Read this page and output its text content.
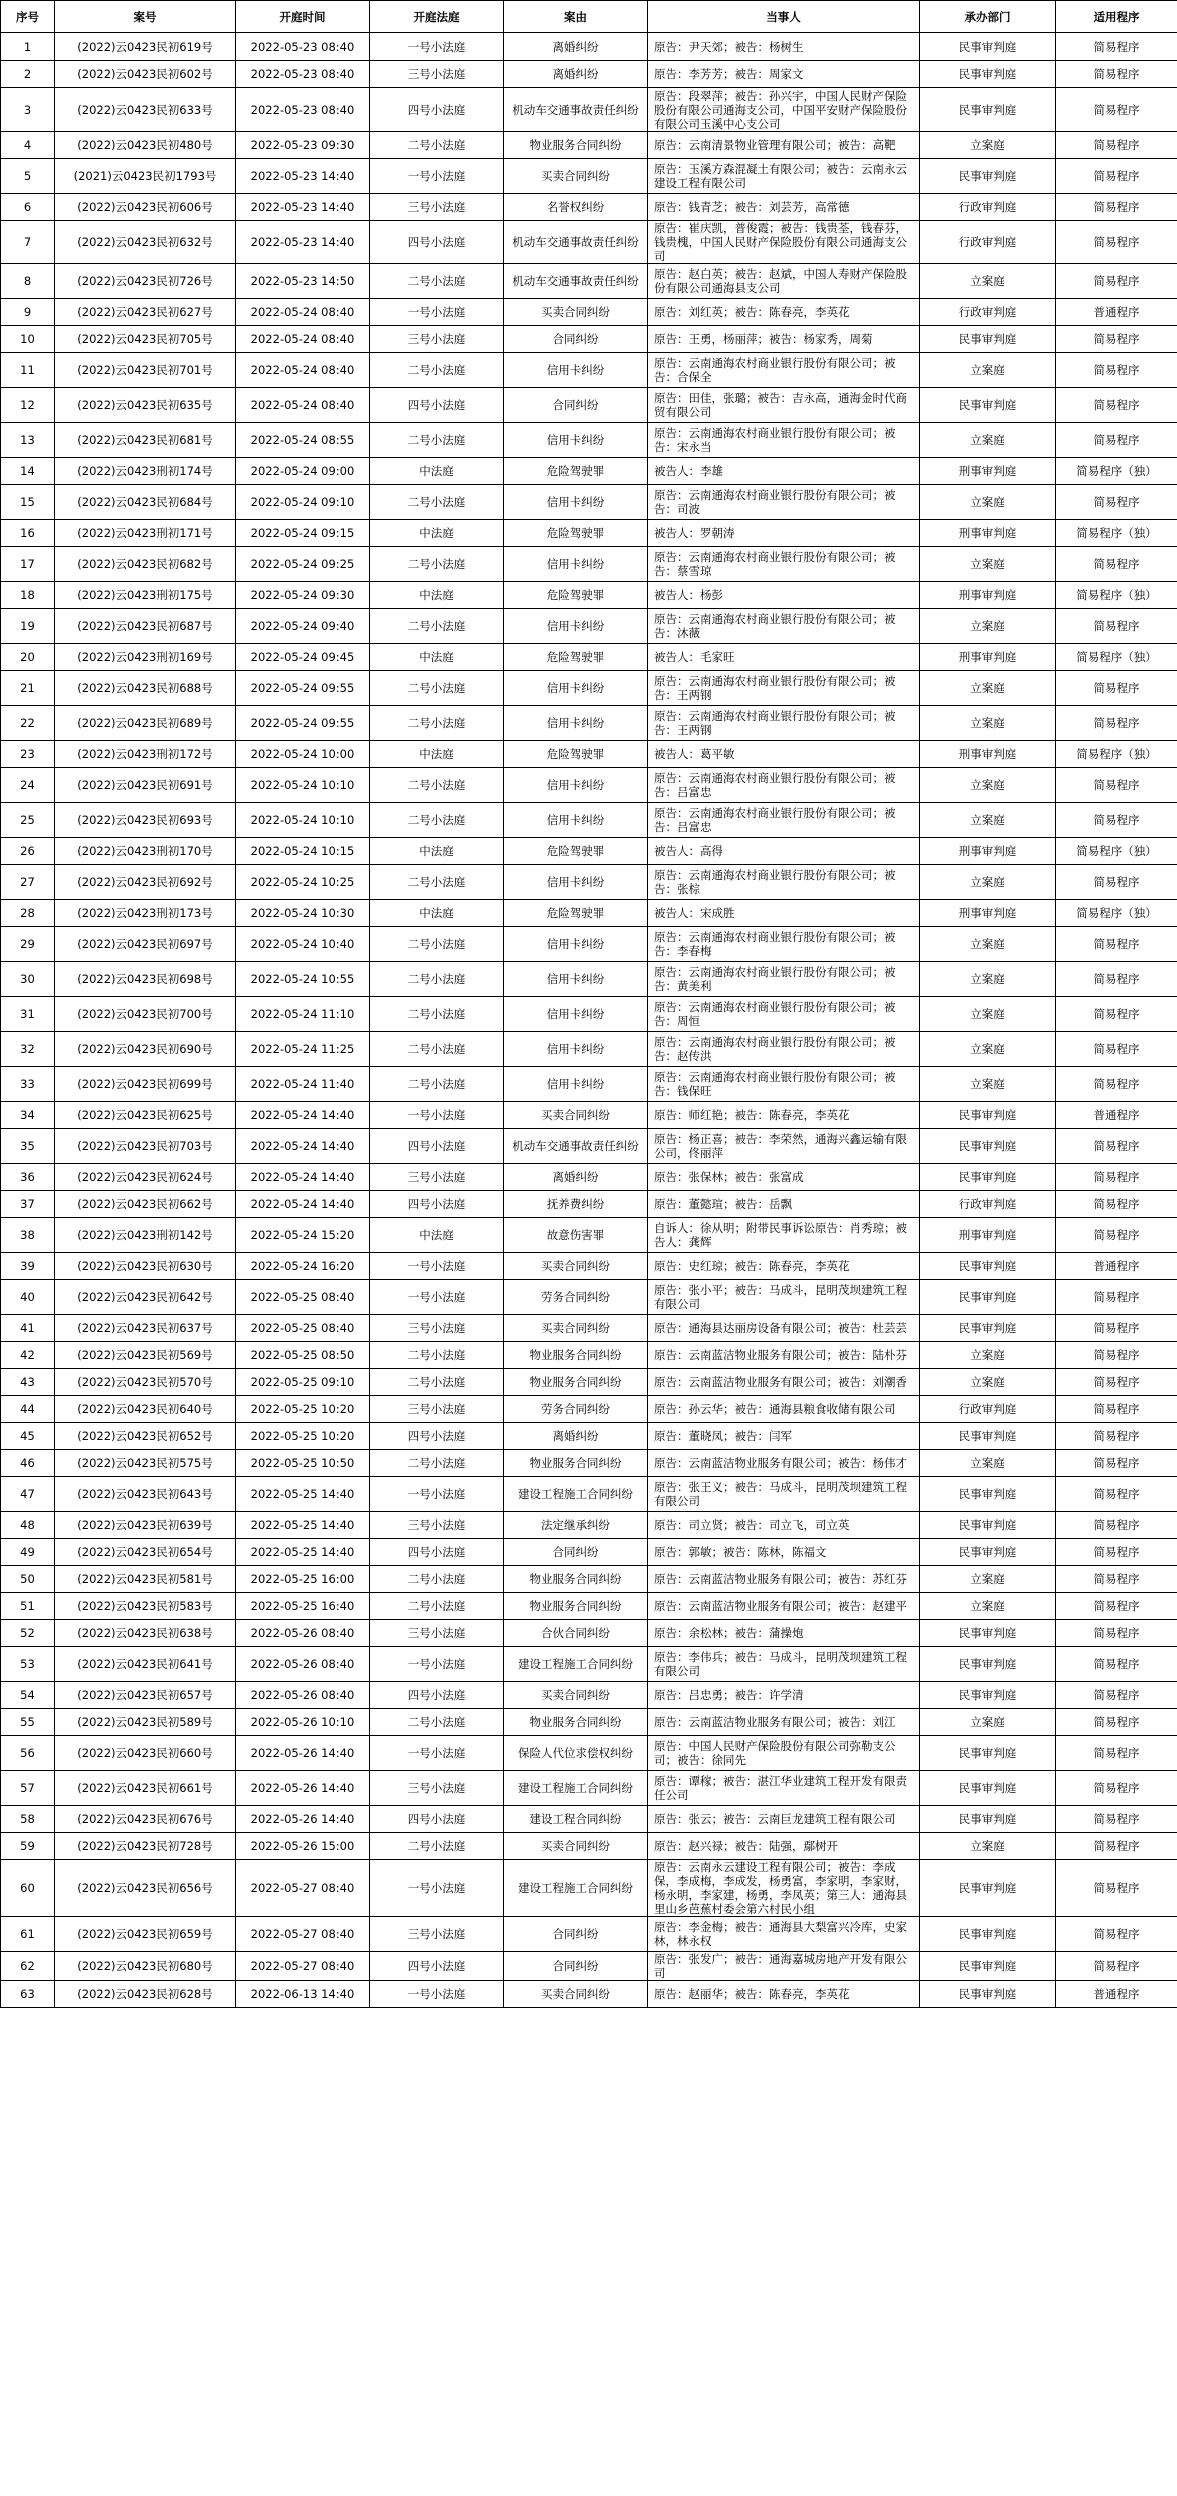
序号	案号	开庭时间	开庭法庭	案由	当事人	承办部门	适用程序
1	(2022)云0423民初619号	2022-05-23 08:40	一号小法庭	离婚纠纷	原告：尹天郊；被告：杨树生	民事审判庭	简易程序
2	(2022)云0423民初602号	2022-05-23 08:40	三号小法庭	离婚纠纷	原告：李芳芳；被告：周家文	民事审判庭	简易程序
3	(2022)云0423民初633号	2022-05-23 08:40	四号小法庭	机动车交通事故责任纠纷	原告：段翠萍；被告：孙兴宇，中国人民财产保险股份有限公司通海支公司，中国平安财产保险股份有限公司玉溪中心支公司	民事审判庭	简易程序
4	(2022)云0423民初480号	2022-05-23 09:30	二号小法庭	物业服务合同纠纷	原告：云南清景物业管理有限公司；被告：高靶	立案庭	简易程序
5	(2021)云0423民初1793号	2022-05-23 14:40	一号小法庭	买卖合同纠纷	原告：玉溪方森混凝土有限公司；被告：云南永云建设工程有限公司	民事审判庭	简易程序
6	(2022)云0423民初606号	2022-05-23 14:40	三号小法庭	名誉权纠纷	原告：钱青芝；被告：刘芸芳，高常德	行政审判庭	简易程序
7	(2022)云0423民初632号	2022-05-23 14:40	四号小法庭	机动车交通事故责任纠纷	原告：崔庆凯，普俊霞；被告：钱贵荃，钱春芬，钱贵槐，中国人民财产保险股份有限公司通海支公司	行政审判庭	简易程序
8	(2022)云0423民初726号	2022-05-23 14:50	二号小法庭	机动车交通事故责任纠纷	原告：赵白英；被告：赵斌，中国人寿财产保险股份有限公司通海县支公司	立案庭	简易程序
9	(2022)云0423民初627号	2022-05-24 08:40	一号小法庭	买卖合同纠纷	原告：刘红英；被告：陈春亮，李英花	行政审判庭	普通程序
10	(2022)云0423民初705号	2022-05-24 08:40	三号小法庭	合同纠纷	原告：王勇，杨丽萍；被告：杨家秀，周菊	民事审判庭	简易程序
11	(2022)云0423民初701号	2022-05-24 08:40	二号小法庭	信用卡纠纷	原告：云南通海农村商业银行股份有限公司；被告：合保全	立案庭	简易程序
12	(2022)云0423民初635号	2022-05-24 08:40	四号小法庭	合同纠纷	原告：田佳，张璐；被告：吉永高，通海金时代商贸有限公司	民事审判庭	简易程序
13	(2022)云0423民初681号	2022-05-24 08:55	二号小法庭	信用卡纠纷	原告：云南通海农村商业银行股份有限公司；被告：宋永当	立案庭	简易程序
14	(2022)云0423刑初174号	2022-05-24 09:00	中法庭	危险驾驶罪	被告人：李雄	刑事审判庭	简易程序（独）
15	(2022)云0423民初684号	2022-05-24 09:10	二号小法庭	信用卡纠纷	原告：云南通海农村商业银行股份有限公司；被告：司波	立案庭	简易程序
16	(2022)云0423刑初171号	2022-05-24 09:15	中法庭	危险驾驶罪	被告人：罗朝涛	刑事审判庭	简易程序（独）
17	(2022)云0423民初682号	2022-05-24 09:25	二号小法庭	信用卡纠纷	原告：云南通海农村商业银行股份有限公司；被告：蔡雪琼	立案庭	简易程序
18	(2022)云0423刑初175号	2022-05-24 09:30	中法庭	危险驾驶罪	被告人：杨彭	刑事审判庭	简易程序（独）
19	(2022)云0423民初687号	2022-05-24 09:40	二号小法庭	信用卡纠纷	原告：云南通海农村商业银行股份有限公司；被告：沐薇	立案庭	简易程序
20	(2022)云0423刑初169号	2022-05-24 09:45	中法庭	危险驾驶罪	被告人：毛家旺	刑事审判庭	简易程序（独）
21	(2022)云0423民初688号	2022-05-24 09:55	二号小法庭	信用卡纠纷	原告：云南通海农村商业银行股份有限公司；被告：王两钢	立案庭	简易程序
22	(2022)云0423民初689号	2022-05-24 09:55	二号小法庭	信用卡纠纷	原告：云南通海农村商业银行股份有限公司；被告：王两钢	立案庭	简易程序
23	(2022)云0423刑初172号	2022-05-24 10:00	中法庭	危险驾驶罪	被告人：葛平敏	刑事审判庭	简易程序（独）
24	(2022)云0423民初691号	2022-05-24 10:10	二号小法庭	信用卡纠纷	原告：云南通海农村商业银行股份有限公司；被告：吕富忠	立案庭	简易程序
25	(2022)云0423民初693号	2022-05-24 10:10	二号小法庭	信用卡纠纷	原告：云南通海农村商业银行股份有限公司；被告：吕富忠	立案庭	简易程序
26	(2022)云0423刑初170号	2022-05-24 10:15	中法庭	危险驾驶罪	被告人：高得	刑事审判庭	简易程序（独）
27	(2022)云0423民初692号	2022-05-24 10:25	二号小法庭	信用卡纠纷	原告：云南通海农村商业银行股份有限公司；被告：张棕	立案庭	简易程序
28	(2022)云0423刑初173号	2022-05-24 10:30	中法庭	危险驾驶罪	被告人：宋成胜	刑事审判庭	简易程序（独）
29	(2022)云0423民初697号	2022-05-24 10:40	二号小法庭	信用卡纠纷	原告：云南通海农村商业银行股份有限公司；被告：李春梅	立案庭	简易程序
30	(2022)云0423民初698号	2022-05-24 10:55	二号小法庭	信用卡纠纷	原告：云南通海农村商业银行股份有限公司；被告：黄美利	立案庭	简易程序
31	(2022)云0423民初700号	2022-05-24 11:10	二号小法庭	信用卡纠纷	原告：云南通海农村商业银行股份有限公司；被告：周恒	立案庭	简易程序
32	(2022)云0423民初690号	2022-05-24 11:25	二号小法庭	信用卡纠纷	原告：云南通海农村商业银行股份有限公司；被告：赵传洪	立案庭	简易程序
33	(2022)云0423民初699号	2022-05-24 11:40	二号小法庭	信用卡纠纷	原告：云南通海农村商业银行股份有限公司；被告：钱保旺	立案庭	简易程序
34	(2022)云0423民初625号	2022-05-24 14:40	一号小法庭	买卖合同纠纷	原告：师红艳；被告：陈春亮，李英花	民事审判庭	普通程序
35	(2022)云0423民初703号	2022-05-24 14:40	四号小法庭	机动车交通事故责任纠纷	原告：杨正喜；被告：李荣然，通海兴鑫运输有限公司，佟丽萍	民事审判庭	简易程序
36	(2022)云0423民初624号	2022-05-24 14:40	三号小法庭	离婚纠纷	原告：张保林；被告：张富成	民事审判庭	简易程序
37	(2022)云0423民初662号	2022-05-24 14:40	四号小法庭	抚养费纠纷	原告：董懿瑄；被告：岳飘	行政审判庭	简易程序
38	(2022)云0423刑初142号	2022-05-24 15:20	中法庭	故意伤害罪	自诉人：徐从明；附带民事诉讼原告：肖秀琼；被告人：龚辉	刑事审判庭	简易程序
39	(2022)云0423民初630号	2022-05-24 16:20	一号小法庭	买卖合同纠纷	原告：史红琼；被告：陈春亮，李英花	民事审判庭	普通程序
40	(2022)云0423民初642号	2022-05-25 08:40	一号小法庭	劳务合同纠纷	原告：张小平；被告：马成斗，昆明茂坝建筑工程有限公司	民事审判庭	简易程序
41	(2022)云0423民初637号	2022-05-25 08:40	三号小法庭	买卖合同纠纷	原告：通海县达丽房设备有限公司；被告：杜芸芸	民事审判庭	简易程序
42	(2022)云0423民初569号	2022-05-25 08:50	二号小法庭	物业服务合同纠纷	原告：云南蓝洁物业服务有限公司；被告：陆朴芬	立案庭	简易程序
43	(2022)云0423民初570号	2022-05-25 09:10	二号小法庭	物业服务合同纠纷	原告：云南蓝洁物业服务有限公司；被告：刘潮香	立案庭	简易程序
44	(2022)云0423民初640号	2022-05-25 10:20	三号小法庭	劳务合同纠纷	原告：孙云华；被告：通海县粮食收储有限公司	行政审判庭	简易程序
45	(2022)云0423民初652号	2022-05-25 10:20	四号小法庭	离婚纠纷	原告：董晓凤；被告：闫军	民事审判庭	简易程序
46	(2022)云0423民初575号	2022-05-25 10:50	二号小法庭	物业服务合同纠纷	原告：云南蓝洁物业服务有限公司；被告：杨伟才	立案庭	简易程序
47	(2022)云0423民初643号	2022-05-25 14:40	一号小法庭	建设工程施工合同纠纷	原告：张王义；被告：马成斗，昆明茂坝建筑工程有限公司	民事审判庭	简易程序
48	(2022)云0423民初639号	2022-05-25 14:40	三号小法庭	法定继承纠纷	原告：司立贤；被告：司立飞，司立英	民事审判庭	简易程序
49	(2022)云0423民初654号	2022-05-25 14:40	四号小法庭	合同纠纷	原告：郭敏；被告：陈林，陈福文	民事审判庭	简易程序
50	(2022)云0423民初581号	2022-05-25 16:00	二号小法庭	物业服务合同纠纷	原告：云南蓝洁物业服务有限公司；被告：苏红芬	立案庭	简易程序
51	(2022)云0423民初583号	2022-05-25 16:40	二号小法庭	物业服务合同纠纷	原告：云南蓝洁物业服务有限公司；被告：赵建平	立案庭	简易程序
52	(2022)云0423民初638号	2022-05-26 08:40	三号小法庭	合伙合同纠纷	原告：余松林；被告：蒲操炮	民事审判庭	简易程序
53	(2022)云0423民初641号	2022-05-26 08:40	一号小法庭	建设工程施工合同纠纷	原告：李伟兵；被告：马成斗，昆明茂坝建筑工程有限公司	民事审判庭	简易程序
54	(2022)云0423民初657号	2022-05-26 08:40	四号小法庭	买卖合同纠纷	原告：吕忠勇；被告：许学清	民事审判庭	简易程序
55	(2022)云0423民初589号	2022-05-26 10:10	二号小法庭	物业服务合同纠纷	原告：云南蓝洁物业服务有限公司；被告：刘江	立案庭	简易程序
56	(2022)云0423民初660号	2022-05-26 14:40	一号小法庭	保险人代位求偿权纠纷	原告：中国人民财产保险股份有限公司弥勒支公司；被告：徐同先	民事审判庭	简易程序
57	(2022)云0423民初661号	2022-05-26 14:40	三号小法庭	建设工程施工合同纠纷	原告：谭稼；被告：湛江华业建筑工程开发有限责任公司	民事审判庭	简易程序
58	(2022)云0423民初676号	2022-05-26 14:40	四号小法庭	建设工程合同纠纷	原告：张云；被告：云南巨龙建筑工程有限公司	民事审判庭	简易程序
59	(2022)云0423民初728号	2022-05-26 15:00	二号小法庭	买卖合同纠纷	原告：赵兴禄；被告：陆强，鄢树开	立案庭	简易程序
60	(2022)云0423民初656号	2022-05-27 08:40	一号小法庭	建设工程施工合同纠纷	原告：云南永云建设工程有限公司；被告：李成保，李成梅，李成发，杨勇富，李家明，李家财，杨永明，李家建，杨勇，李凤英；第三人：通海县里山乡芭蕉村委会第六村民小组	民事审判庭	简易程序
61	(2022)云0423民初659号	2022-05-27 08:40	三号小法庭	合同纠纷	原告：李金梅；被告：通海县大梨富兴冷库，史家林，林永权	民事审判庭	简易程序
62	(2022)云0423民初680号	2022-05-27 08:40	四号小法庭	合同纠纷	原告：张发广；被告：通海嘉城房地产开发有限公司	民事审判庭	简易程序
63	(2022)云0423民初628号	2022-06-13 14:40	一号小法庭	买卖合同纠纷	原告：赵丽华；被告：陈春亮，李英花	民事审判庭	普通程序
